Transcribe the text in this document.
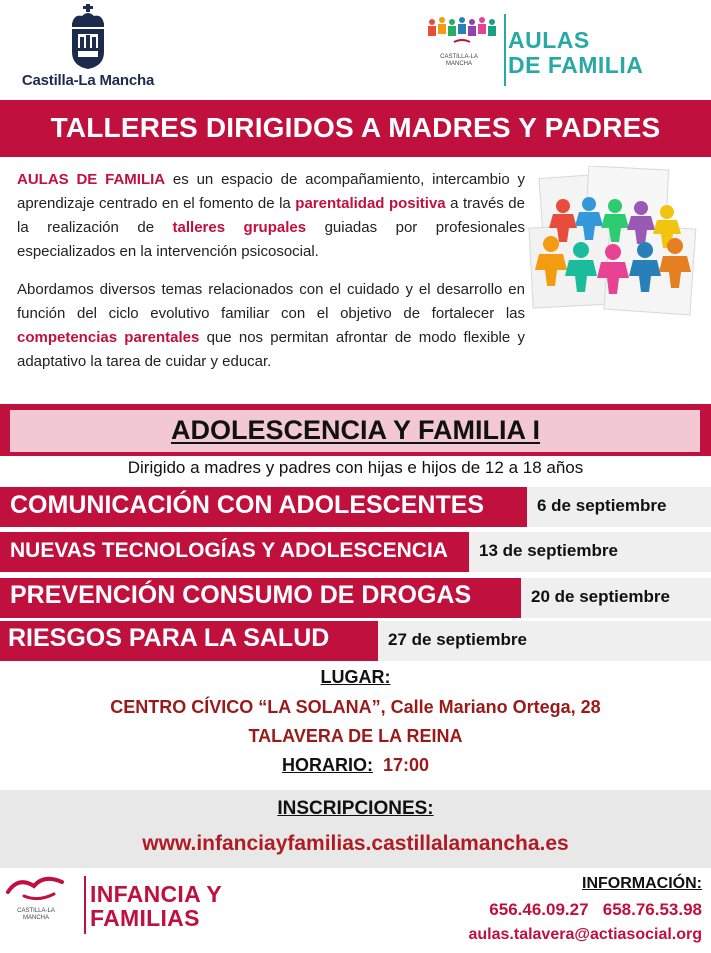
Castilla-La Mancha
CASTILLA-LA MANCHA
AULAS
DE FAMILIA
TALLERES DIRIGIDOS A MADRES Y PADRES

AULAS DE FAMILIA es un espacio de acompañamiento, intercambio y aprendizaje centrado en el fomento de la parentalidad positiva a través de la realización de talleres grupales guiadas por profesionales especializados en la intervención psicosocial.

Abordamos diversos temas relacionados con el cuidado y el desarrollo en función del ciclo evolutivo familiar con el objetivo de fortalecer las competencias parentales que nos permitan afrontar de modo flexible y adaptativo la tarea de cuidar y educar.

ADOLESCENCIA Y FAMILIA I
Dirigido a madres y padres con hijas e hijos de 12 a 18 años
COMUNICACIÓN CON ADOLESCENTES	6 de septiembre
NUEVAS TECNOLOGÍAS Y ADOLESCENCIA	13 de septiembre
PREVENCIÓN CONSUMO DE DROGAS	20 de septiembre
RIESGOS PARA LA SALUD	27 de septiembre
LUGAR:
CENTRO CÍVICO “LA SOLANA”, Calle Mariano Ortega, 28
TALAVERA DE LA REINA
HORARIO: 17:00
INSCRIPCIONES:
www.infanciayfamilias.castillalamancha.es
CASTILLA-LA MANCHA
INFANCIA Y
FAMILIAS
INFORMACIÓN:
656.46.09.27 658.76.53.98
aulas.talavera@actiasocial.org
